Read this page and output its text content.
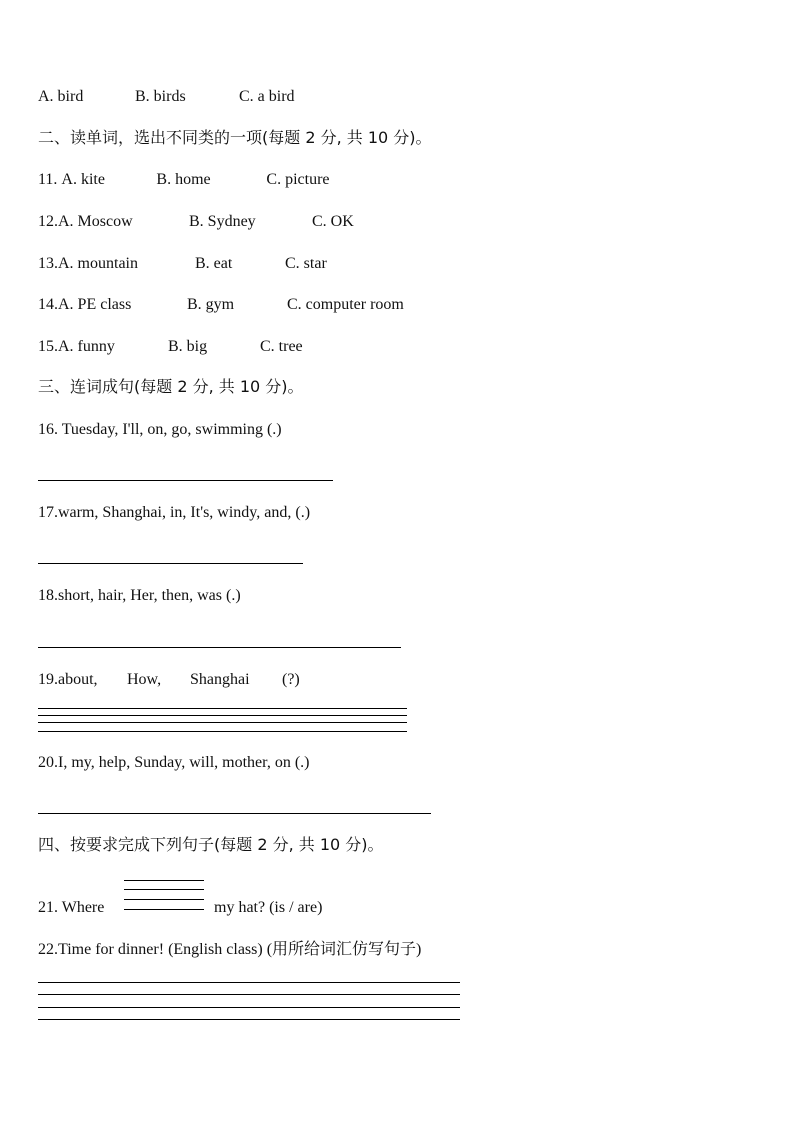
A. bird	B. birds	C. a bird
二、读单词，选出不同类的一项(每题 2 分, 共 10 分)。
11. A. kite	B. home	C. picture
12.A. Moscow	B. Sydney	C. OK
13.A. mountain	B. eat	C. star
14.A. PE class	B. gym	C. computer room
15.A. funny	B. big	C. tree
三、连词成句(每题 2 分, 共 10 分)。
16. Tuesday, I'll, on, go, swimming (.)
17.warm, Shanghai, in, It's, windy, and, (.)
18.short, hair, Her, then, was (.)
19.about, How, Shanghai (?)
20.I, my, help, Sunday, will, mother, on (.)
四、按要求完成下列句子(每题 2 分, 共 10 分)。
21. Where	my hat? (is / are)
22.Time for dinner! (English class) (用所给词汇仿写句子)
